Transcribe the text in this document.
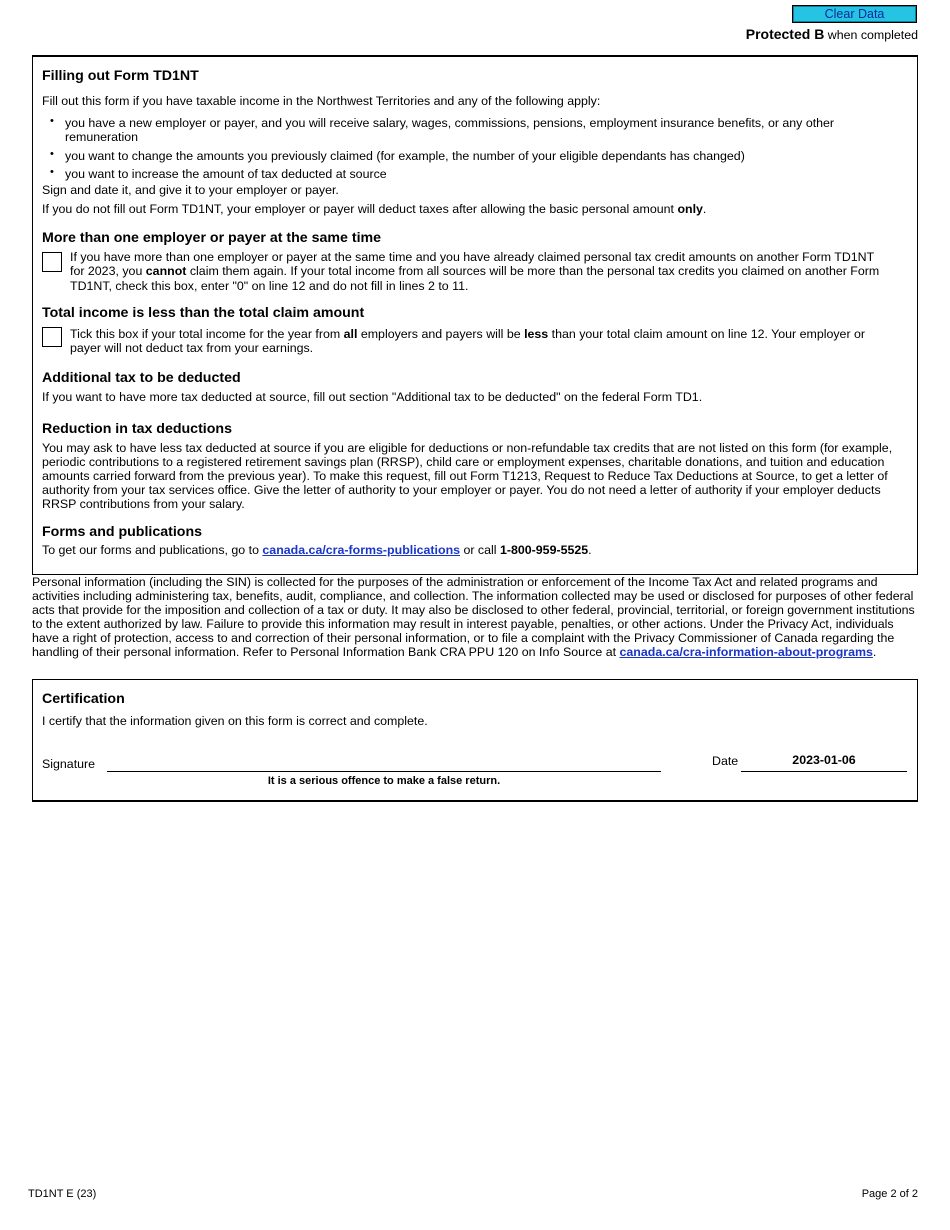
Clear Data
Protected B when completed
Filling out Form TD1NT

Fill out this form if you have taxable income in the Northwest Territories and any of the following apply:

• you have a new employer or payer, and you will receive salary, wages, commissions, pensions, employment insurance benefits, or any other remuneration
• you want to change the amounts you previously claimed (for example, the number of your eligible dependants has changed)
• you want to increase the amount of tax deducted at source

Sign and date it, and give it to your employer or payer.

If you do not fill out Form TD1NT, your employer or payer will deduct taxes after allowing the basic personal amount only.

More than one employer or payer at the same time

If you have more than one employer or payer at the same time and you have already claimed personal tax credit amounts on another Form TD1NT for 2023, you cannot claim them again. If your total income from all sources will be more than the personal tax credits you claimed on another Form TD1NT, check this box, enter "0" on line 12 and do not fill in lines 2 to 11.

Total income is less than the total claim amount

Tick this box if your total income for the year from all employers and payers will be less than your total claim amount on line 12. Your employer or payer will not deduct tax from your earnings.

Additional tax to be deducted

If you want to have more tax deducted at source, fill out section "Additional tax to be deducted" on the federal Form TD1.

Reduction in tax deductions

You may ask to have less tax deducted at source if you are eligible for deductions or non-refundable tax credits that are not listed on this form (for example, periodic contributions to a registered retirement savings plan (RRSP), child care or employment expenses, charitable donations, and tuition and education amounts carried forward from the previous year). To make this request, fill out Form T1213, Request to Reduce Tax Deductions at Source, to get a letter of authority from your tax services office. Give the letter of authority to your employer or payer. You do not need a letter of authority if your employer deducts RRSP contributions from your salary.

Forms and publications

To get our forms and publications, go to canada.ca/cra-forms-publications or call 1-800-959-5525.

Personal information (including the SIN) is collected for the purposes of the administration or enforcement of the Income Tax Act and related programs and activities including administering tax, benefits, audit, compliance, and collection. The information collected may be used or disclosed for purposes of other federal acts that provide for the imposition and collection of a tax or duty. It may also be disclosed to other federal, provincial, territorial, or foreign government institutions to the extent authorized by law. Failure to provide this information may result in interest payable, penalties, or other actions. Under the Privacy Act, individuals have a right of protection, access to and correction of their personal information, or to file a complaint with the Privacy Commissioner of Canada regarding the handling of their personal information. Refer to Personal Information Bank CRA PPU 120 on Info Source at canada.ca/cra-information-about-programs.
Certification

I certify that the information given on this form is correct and complete.

Signature
It is a serious offence to make a false return.
Date	2023-01-06
TD1NT E (23)	Page 2 of 2
